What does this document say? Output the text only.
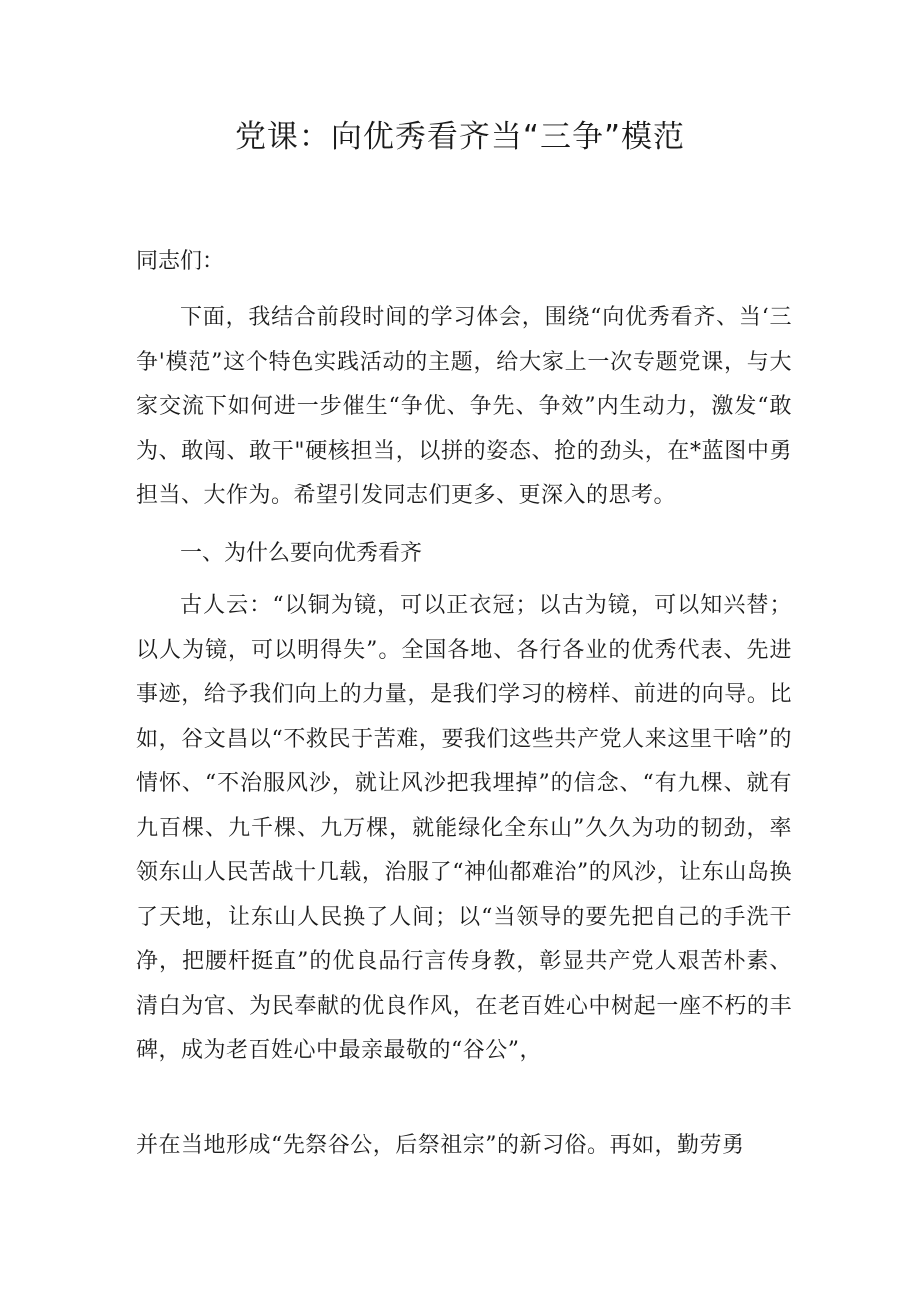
党课：向优秀看齐当“三争”模范

同志们：

下面，我结合前段时间的学习体会，围绕“向优秀看齐、当‘三争'模范”这个特色实践活动的主题，给大家上一次专题党课，与大家交流下如何进一步催生“争优、争先、争效”内生动力，激发“敢为、敢闯、敢干"硬核担当，以拼的姿态、抢的劲头，在*蓝图中勇担当、大作为。希望引发同志们更多、更深入的思考。

一、为什么要向优秀看齐

古人云：“以铜为镜，可以正衣冠；以古为镜，可以知兴替；以人为镜，可以明得失”。全国各地、各行各业的优秀代表、先进事迹，给予我们向上的力量，是我们学习的榜样、前进的向导。比如，谷文昌以“不救民于苦难，要我们这些共产党人来这里干啥”的情怀、“不治服风沙，就让风沙把我埋掉”的信念、“有九棵、就有九百棵、九千棵、九万棵，就能绿化全东山”久久为功的韧劲，率领东山人民苦战十几载，治服了“神仙都难治”的风沙，让东山岛换了天地，让东山人民换了人间；以“当领导的要先把自己的手洗干净，把腰杆挺直”的优良品行言传身教，彰显共产党人艰苦朴素、清白为官、为民奉献的优良作风，在老百姓心中树起一座不朽的丰碑，成为老百姓心中最亲最敬的“谷公”，

并在当地形成“先祭谷公，后祭祖宗”的新习俗。再如，勤劳勇
